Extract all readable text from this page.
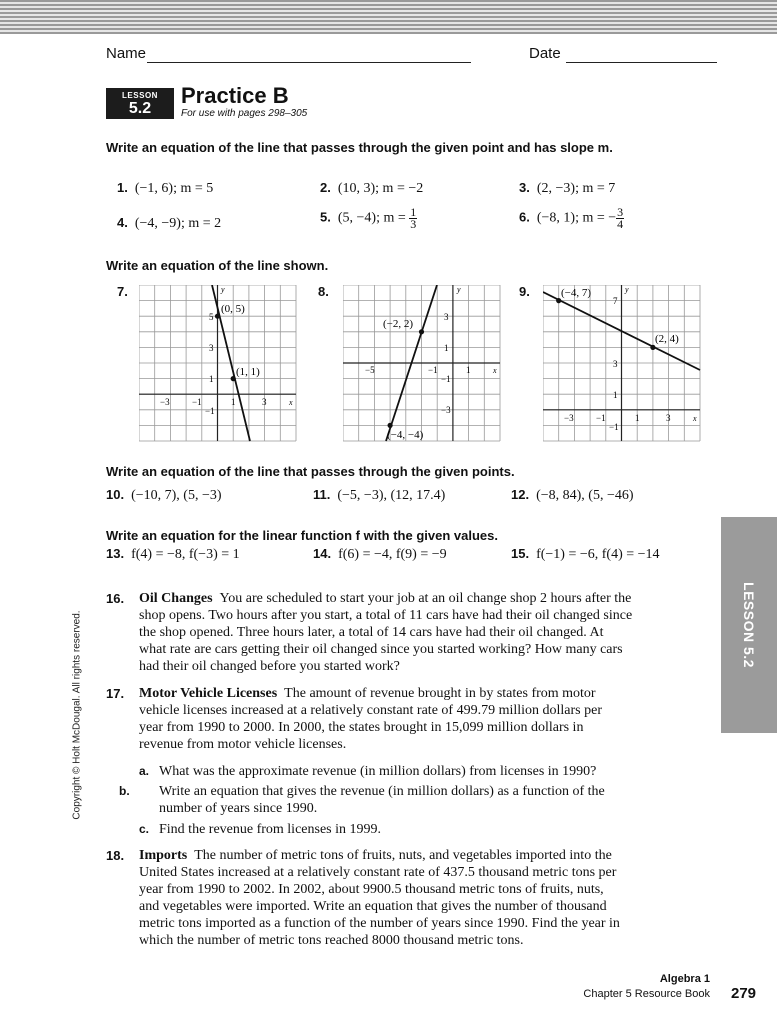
Name	Date
LESSON
5.2
Practice B
For use with pages 298–305
Write an equation of the line that passes through the given point and has slope m.
1. (−1, 6); m = 5	2. (10, 3); m = −2	3. (2, −3); m = 7
4. (−4, −9); m = 2	5. (5, −4); $m = \frac{1}{3}$	6. (−8, 1); m = − $\frac{3}{4}$
Write an equation of the line shown.
7.	8.	9.
(0, 5)
(1, 1)
y
x
−3 −1	1	3
5
3
1
−1
(−2, 2)
(−4, −4)
y
x
−5	−1	1
3
1
−1
−3
(−4, 7)
(2, 4)
y
x
−3 −1	1	3
7
3
1
−1
Write an equation of the line that passes through the given points.
10. (−10, 7), (5, −3)	11. (−5, −3), (12, 17.4)	12. (−8, 84), (5, −46)
Write an equation for the linear function f with the given values.
13. f(4) = −8, f(−3) = 1	14. f(6) = −4, f(9) = −9	15. f(−1) = −6, f(4) = −14
16. Oil Changes You are scheduled to start your job at an oil change shop 2 hours after the shop opens. Two hours after you start, a total of 11 cars have had their oil changed since the shop opened. Three hours later, a total of 14 cars have had their oil changed. At what rate are cars getting their oil changed since you started working? How many cars had their oil changed before you started work?
17. Motor Vehicle Licenses The amount of revenue brought in by states from motor vehicle licenses increased at a relatively constant rate of 499.79 million dollars per year from 1990 to 2000. In 2000, the states brought in 15,099 million dollars in revenue from motor vehicle licenses.
a. What was the approximate revenue (in million dollars) from licenses in 1990?
b. Write an equation that gives the revenue (in million dollars) as a function of the number of years since 1990.
c. Find the revenue from licenses in 1999.
18. Imports The number of metric tons of fruits, nuts, and vegetables imported into the United States increased at a relatively constant rate of 437.5 thousand metric tons per year from 1990 to 2002. In 2002, about 9900.5 thousand metric tons of fruits, nuts, and vegetables were imported. Write an equation that gives the number of thousand metric tons imported as a function of the number of years since 1990. Find the year in which the number of metric tons reached 8000 thousand metric tons.
LESSON 5.2
Copyright © Holt McDougal. All rights reserved.
Algebra 1
Chapter 5 Resource Book 279
